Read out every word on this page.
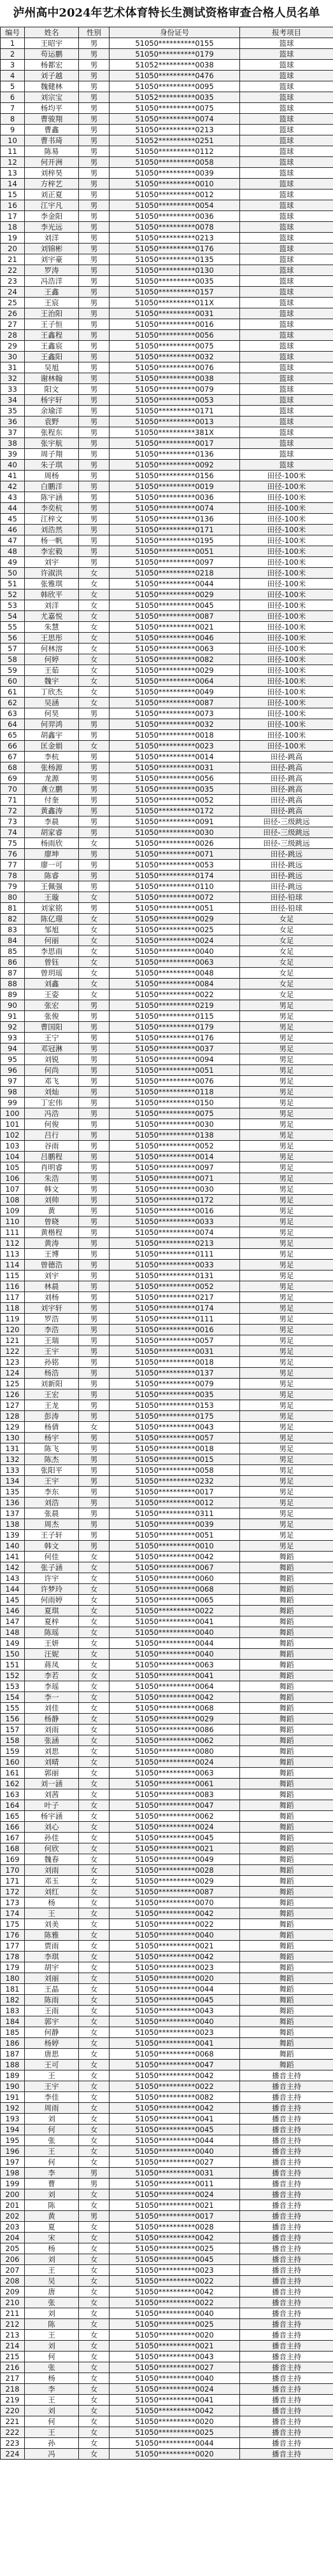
泸州高中2024年艺术体育特长生测试资格审查合格人员名单
编号	姓名	性别	身份证号	报考项目
1	王昭宇	男	51050**********0155	篮球
2	苟运鹏	男	51050**********0179	篮球
3	杨都宏	男	51052**********0038	篮球
4	刘子越	男	51050**********0476	篮球
5	魏健林	男	51050**********0095	篮球
6	刘宗宝	男	51052**********0035	篮球
7	杨均平	男	51050**********0075	篮球
8	曹骏翔	男	51050**********0074	篮球
9	曹鑫	男	51050**********0213	篮球
10	曹书琦	男	51052**********0251	篮球
11	陈易	男	51050**********0112	篮球
12	何开洲	男	51050**********0058	篮球
13	刘梓昊	男	51050**********0039	篮球
14	方梓艺	男	51050**********0010	篮球
15	刘正夏	男	51050**********0012	篮球
16	江宇凡	男	51050**********0054	篮球
17	李金阳	男	51050**********0036	篮球
18	李光远	男	51050**********0078	篮球
19	刘洋	男	51050**********0213	篮球
20	刘锦彬	男	51050**********0176	篮球
21	刘宇豪	男	51050**********0135	篮球
22	罗涛	男	51050**********0130	篮球
23	冯浩洋	男	51050**********0035	篮球
24	王鑫	男	51050**********0157	篮球
25	王宸	男	51050**********011X	篮球
26	王治阳	男	51050**********0031	篮球
27	王子恒	男	51050**********0016	篮球
28	王鑫程	男	51050**********0056	篮球
29	王鑫宸	男	51050**********0075	篮球
30	王鑫阳	男	51050**********0032	篮球
31	吴旭	男	51050**********0076	篮球
32	谢林翰	男	51050**********0038	篮球
33	阳文	男	51050**********0079	篮球
34	杨宇轩	男	51050**********0053	篮球
35	余瑜洋	男	51050**********0171	篮球
36	袁野	男	51050**********0013	篮球
37	张程东	男	51050**********381X	篮球
38	张宇航	男	51050**********0017	篮球
39	周子翔	男	51050**********0136	篮球
40	朱子琪	男	51050**********0092	篮球
41	周杨	男	51050**********0156	田径-100米
42	白鹏洋	男	51050**********0019	田径-100米
43	陈宇涵	男	51050**********0036	田径-100米
44	李奕杭	男	51050**********0074	田径-100米
45	江梓文	男	51050**********0136	田径-100米
46	刘浩然	男	51050**********0171	田径-100米
47	杨一帆	男	51050**********0195	田径-100米
48	李宏毅	男	51050**********0051	田径-100米
49	刘宇	男	51050**********0097	田径-100米
50	许淑洪	女	51050**********0218	田径-100米
51	张雅琪	女	51050**********0044	田径-100米
52	韩欣平	女	51050**********0029	田径-100米
53	刘洋	女	51050**********0045	田径-100米
54	尤嘉悦	女	51050**********0087	田径-100米
55	朱慧	女	51050**********0021	田径-100米
56	王思彤	女	51050**********0046	田径-100米
57	何林溶	女	51050**********0063	田径-100米
58	何婷	女	51050**********0082	田径-100米
59	王茹	女	51050**********0029	田径-100米
60	魏宇	女	51050**********0064	田径-100米
61	丁欣杰	女	51050**********0049	田径-100米
62	吴涵	女	51050**********0087	田径-100米
63	何昊	男	51050**********0073	田径-100米
64	何羿鸿	男	51050**********0032	田径-100米
65	胡鑫宇	男	51050**********0018	田径-100米
66	匡金娟	女	51050**********0023	田径-100米
67	李杭	男	51050**********0014	田径-跳高
68	张杨源	男	51050**********0031	田径-跳高
69	龙源	男	51050**********0056	田径-跳高
70	龚立鹏	男	51050**********0035	田径-跳高
71	付奎	男	51050**********0052	田径-跳高
72	黄鑫涛	男	51050**********0172	田径-跳高
73	李晨	男	51050**********0091	田径-三级跳远
74	胡家睿	男	51050**********0030	田径-三级跳远
75	杨雨欣	女	51050**********0026	田径-三级跳远
76	廖坤	男	51050**********0071	田径-跳远
77	廖一可	男	51050**********0053	田径-跳远
78	陈睿	男	51050**********0174	田径-跳远
79	王佩强	男	51050**********0110	田径-跳远
80	王璇	女	51050**********0072	田径-铅球
81	刘家铭	男	51050**********0051	田径-铅球
82	陈亿璟	女	51050**********0029	女足
83	邹旭	女	51050**********0025	女足
84	何丽	女	51050**********0024	女足
85	李思雨	女	51050**********0040	女足
86	曾钰	女	51050**********0063	女足
87	曾玥瑶	女	51050**********0048	女足
88	刘鑫	女	51050**********0084	女足
89	王姿	女	51050**********0022	女足
90	张宏	男	51050**********0219	男足
91	张俊	男	51050**********0115	男足
92	曹国阳	男	51050**********0179	男足
93	王宁	男	51050**********0176	男足
94	邓冠淋	男	51050**********0037	男足
95	刘锐	男	51050**********0094	男足
96	何尚	男	51050**********0051	男足
97	邓飞	男	51050**********0076	男足
98	刘灿	男	51050**********0118	男足
99	丁宏伟	男	51050**********0150	男足
100	冯浩	男	51050**********0075	男足
101	何俊	男	51050**********0030	男足
102	吕行	男	51050**********0138	男足
103	谷雨	男	51050**********0052	男足
104	吕鹏程	男	51050**********0014	男足
105	肖明睿	男	51050**********0097	男足
106	朱浩	男	51050**********0071	男足
107	韩文	男	51050**********0030	男足
108	刘帅	男	51050**********0172	男足
109	黄	男	51050**********0016	男足
110	曾晓	男	51050**********0033	男足
111	黄楷程	男	51050**********0074	男足
112	黄涛	男	51050**********0213	男足
113	王博	男	51050**********0111	男足
114	曾德浩	男	51050**********0033	男足
115	刘宇	男	51050**********0131	男足
116	林晨	男	51050**********0052	男足
117	刘杨	男	51050**********0217	男足
118	刘宇轩	男	51050**********0174	男足
119	罗浩	男	51050**********0111	男足
120	李浩	男	51050**********0016	男足
121	王瑞	男	51050**********0057	男足
122	王宇	男	51050**********0031	男足
123	孙铭	男	51050**********0018	男足
124	杨浩	男	51050**********0137	男足
125	刘新阳	男	51050**********0079	男足
126	王宏	男	51050**********0035	男足
127	王龙	男	51050**********0153	男足
128	彭涛	男	51050**********0175	男足
129	杨倩	女	51050**********0043	男足
130	杨宇	男	51050**********0057	男足
131	陈飞	男	51050**********0018	男足
132	陈杰	男	51050**********0015	男足
133	张阳平	男	51050**********0058	男足
134	王宇	男	51050**********0232	男足
135	李东	男	51050**********0017	男足
136	刘浩	男	51050**********0012	男足
137	张晨	男	51050**********0311	男足
138	周杰	男	51050**********0039	男足
139	王子轩	男	51050**********0051	男足
140	韩文	男	51050**********0010	男足
141	何佳	女	51050**********0042	舞蹈
142	张子涵	女	51050**********0067	舞蹈
143	许宇	女	51050**********0060	舞蹈
144	许梦玲	女	51050**********0068	舞蹈
145	何雨婷	女	51050**********0065	舞蹈
146	夏琪	女	51050**********0022	舞蹈
147	夏梓	女	51050**********0041	舞蹈
148	陈瑶	女	51050**********0040	舞蹈
149	王妍	女	51050**********0044	舞蹈
150	汪妮	女	51050**********0040	舞蹈
151	蒋凤	女	51050**********0063	舞蹈
152	李若	女	51050**********0041	舞蹈
153	李瑶	女	51050**********0064	舞蹈
154	李一	女	51050**********0042	舞蹈
155	刘佳	女	51050**********0068	舞蹈
156	杨静	女	51050**********0029	舞蹈
157	刘雨	女	51050**********0086	舞蹈
158	张涵	女	51050**********0062	舞蹈
159	刘思	女	51050**********0080	舞蹈
160	刘晴	女	51050**********0024	舞蹈
161	郭丽	女	51050**********0063	舞蹈
162	刘一涵	女	51050**********0061	舞蹈
163	刘茜	女	51050**********0083	舞蹈
164	叶子	女	51050**********0047	舞蹈
165	杨宇涵	女	51050**********0062	舞蹈
166	刘心	女	51050**********0024	舞蹈
167	孙佳	女	51050**********0045	舞蹈
168	何欣	女	51050**********0021	舞蹈
169	魏春	女	51050**********0049	舞蹈
170	刘雨	女	51050**********0028	舞蹈
171	邓玉	女	51050**********0029	舞蹈
172	刘红	女	51050**********0087	舞蹈
173	杨	女	51050**********0070	舞蹈
174	王	女	51050**********0042	舞蹈
175	刘美	女	51050**********0022	舞蹈
176	陈雅	女	51050**********0040	舞蹈
177	贾雨	女	51050**********0021	舞蹈
178	李琪	女	51050**********0042	舞蹈
179	胡宇	女	51050**********0023	舞蹈
180	刘丽	女	51050**********0020	舞蹈
181	王晶	女	51050**********0044	舞蹈
182	陈雨	女	51050**********0045	舞蹈
183	王雨	女	51050**********0043	舞蹈
184	郭宇	女	51050**********0040	舞蹈
185	何静	女	51050**********0023	舞蹈
186	杨婷	女	51050**********0041	舞蹈
187	唐思	女	51050**********0068	舞蹈
188	王可	女	51050**********0047	舞蹈
189	王	女	51050**********0042	播音主持
190	王宇	女	51050**********0022	播音主持
191	李佳	女	51050**********0082	播音主持
192	周雨	女	51050**********0042	播音主持
193	刘	女	51050**********0041	播音主持
194	何	女	51050**********0045	播音主持
195	张	女	51050**********0044	播音主持
196	王	女	51050**********0040	播音主持
197	何	女	51050**********0027	播音主持
198	李	男	51050**********0031	播音主持
199	曹	男	51050**********0011	播音主持
200	刘	女	51050**********0024	播音主持
201	陈	女	51050**********0021	播音主持
202	黄	男	51050**********0017	播音主持
203	夏	女	51050**********0028	播音主持
204	宋	女	51050**********0042	播音主持
205	杨	女	51050**********0025	播音主持
206	刘	女	51050**********0045	播音主持
207	王	女	51050**********0023	播音主持
208	吴	女	51050**********0022	播音主持
209	唐	女	51050**********0042	播音主持
210	张	女	51050**********0022	播音主持
211	刘	女	51050**********0040	播音主持
212	陈	女	51050**********0025	播音主持
213	王	女	51050**********0020	播音主持
214	刘	女	51050**********0021	播音主持
215	何	女	51050**********0043	播音主持
216	张	女	51050**********0027	播音主持
217	杨	女	51050**********0040	播音主持
218	李	女	51050**********0024	播音主持
219	王	女	51050**********0041	播音主持
220	刘	女	51050**********0042	播音主持
221	何	女	51050**********0020	播音主持
222	王	女	51050**********0025	播音主持
223	孙	女	51050**********0044	播音主持
224	冯	女	51050**********0020	播音主持
